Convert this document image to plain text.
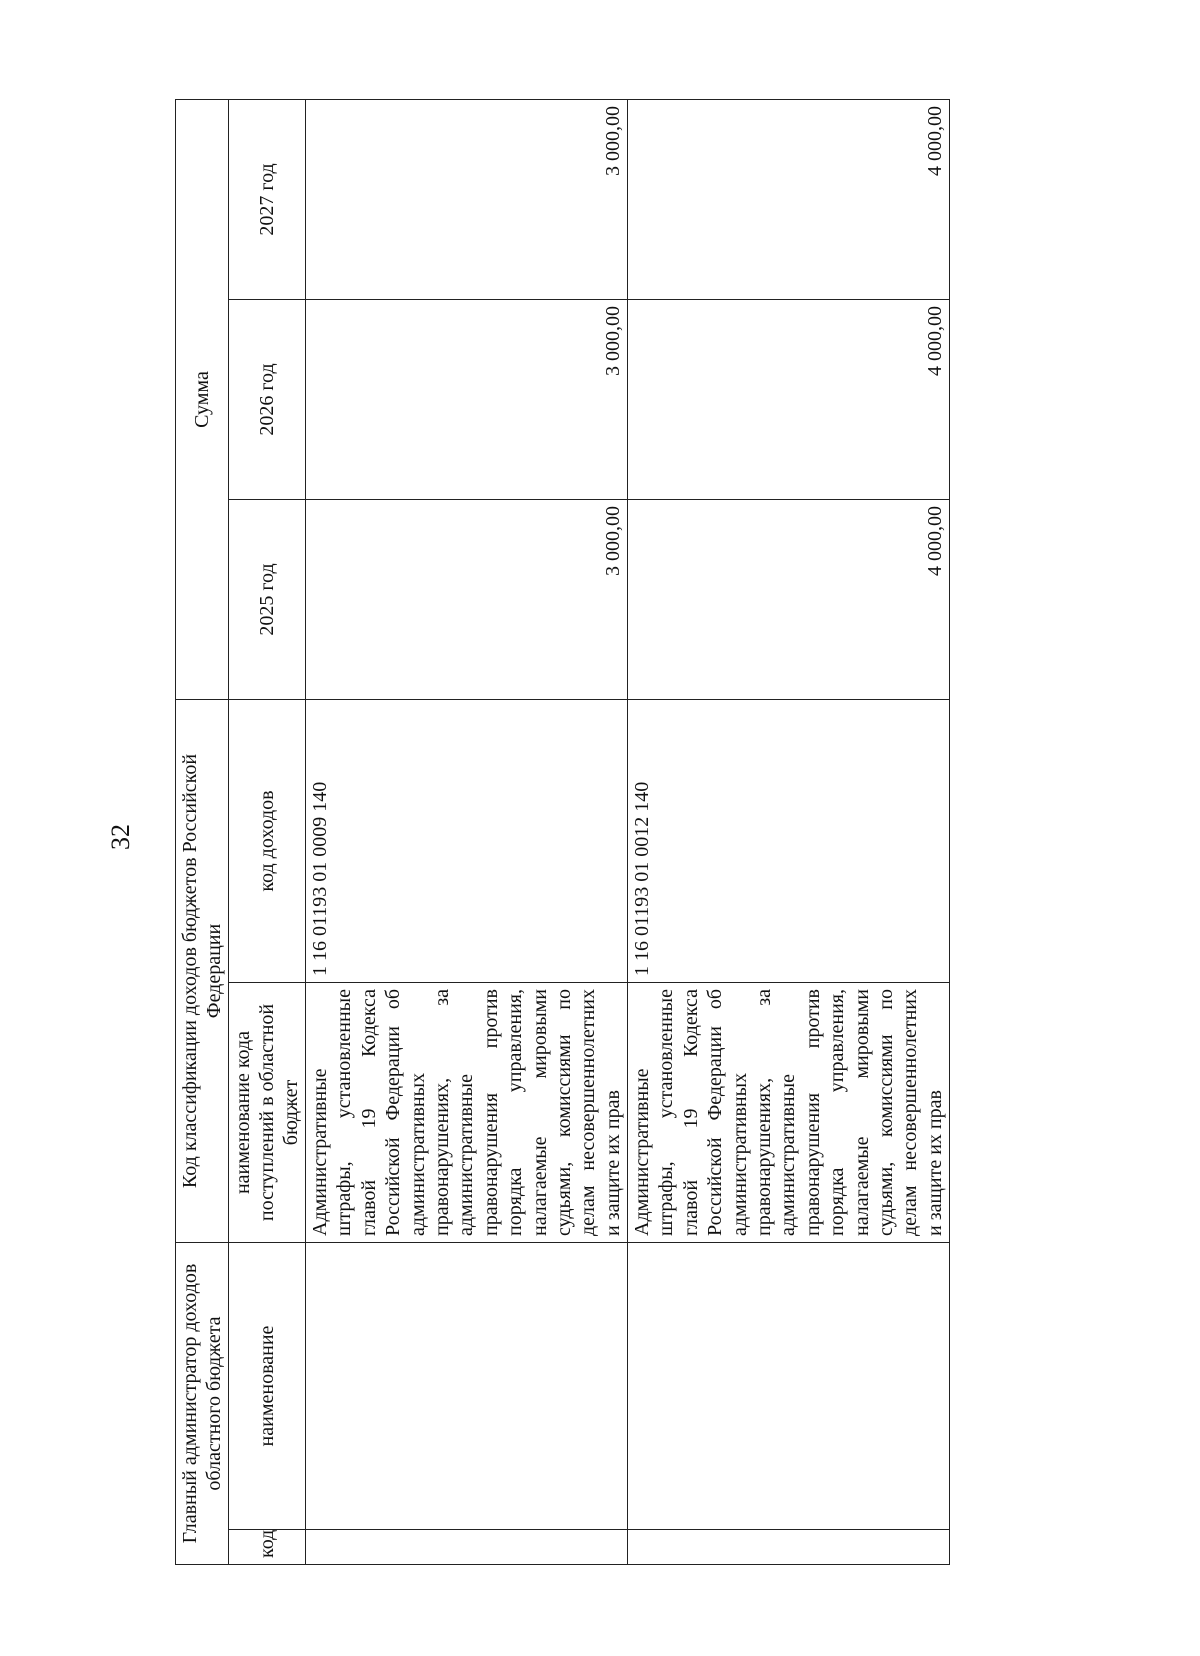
32
Главный администратор доходов областного бюджета		Код классификации доходов бюджетов Российской Федерации		Сумма		
код	наименование	наименование кода поступлений в областной бюджет	код доходов	2025 год	2026 год	2027 год
		Административные штрафы, установленные главой 19 Кодекса Российской Федерации об административных правонарушениях, за административные правонарушения против порядка управления, налагаемые мировыми судьями, комиссиями по делам несовершеннолетних и защите их прав	1 16 01193 01 0009 140	3 000,00	3 000,00	3 000,00
		Административные штрафы, установленные главой 19 Кодекса Российской Федерации об административных правонарушениях, за административные правонарушения против порядка управления, налагаемые мировыми судьями, комиссиями по делам несовершеннолетних и защите их прав	1 16 01193 01 0012 140	4 000,00	4 000,00	4 000,00
